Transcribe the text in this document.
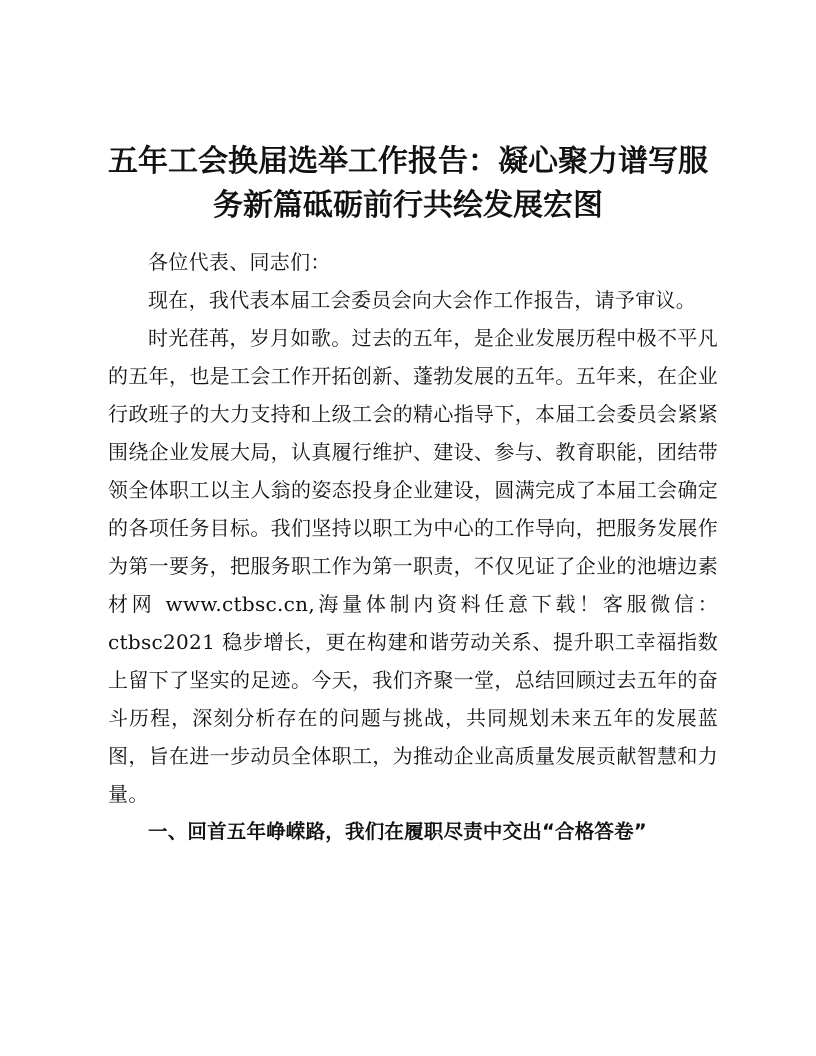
五年工会换届选举工作报告：凝心聚力谱写服务新篇砥砺前行共绘发展宏图

各位代表、同志们：

现在，我代表本届工会委员会向大会作工作报告，请予审议。

时光荏苒，岁月如歌。过去的五年，是企业发展历程中极不平凡的五年，也是工会工作开拓创新、蓬勃发展的五年。五年来，在企业行政班子的大力支持和上级工会的精心指导下，本届工会委员会紧紧围绕企业发展大局，认真履行维护、建设、参与、教育职能，团结带领全体职工以主人翁的姿态投身企业建设，圆满完成了本届工会确定的各项任务目标。我们坚持以职工为中心的工作导向，把服务发展作为第一要务，把服务职工作为第一职责，不仅见证了企业的池塘边素材网 www.ctbsc.cn,海量体制内资料任意下载！客服微信：ctbsc2021 稳步增长，更在构建和谐劳动关系、提升职工幸福指数上留下了坚实的足迹。今天，我们齐聚一堂，总结回顾过去五年的奋斗历程，深刻分析存在的问题与挑战，共同规划未来五年的发展蓝图，旨在进一步动员全体职工，为推动企业高质量发展贡献智慧和力量。

一、回首五年峥嵘路，我们在履职尽责中交出“合格答卷”
